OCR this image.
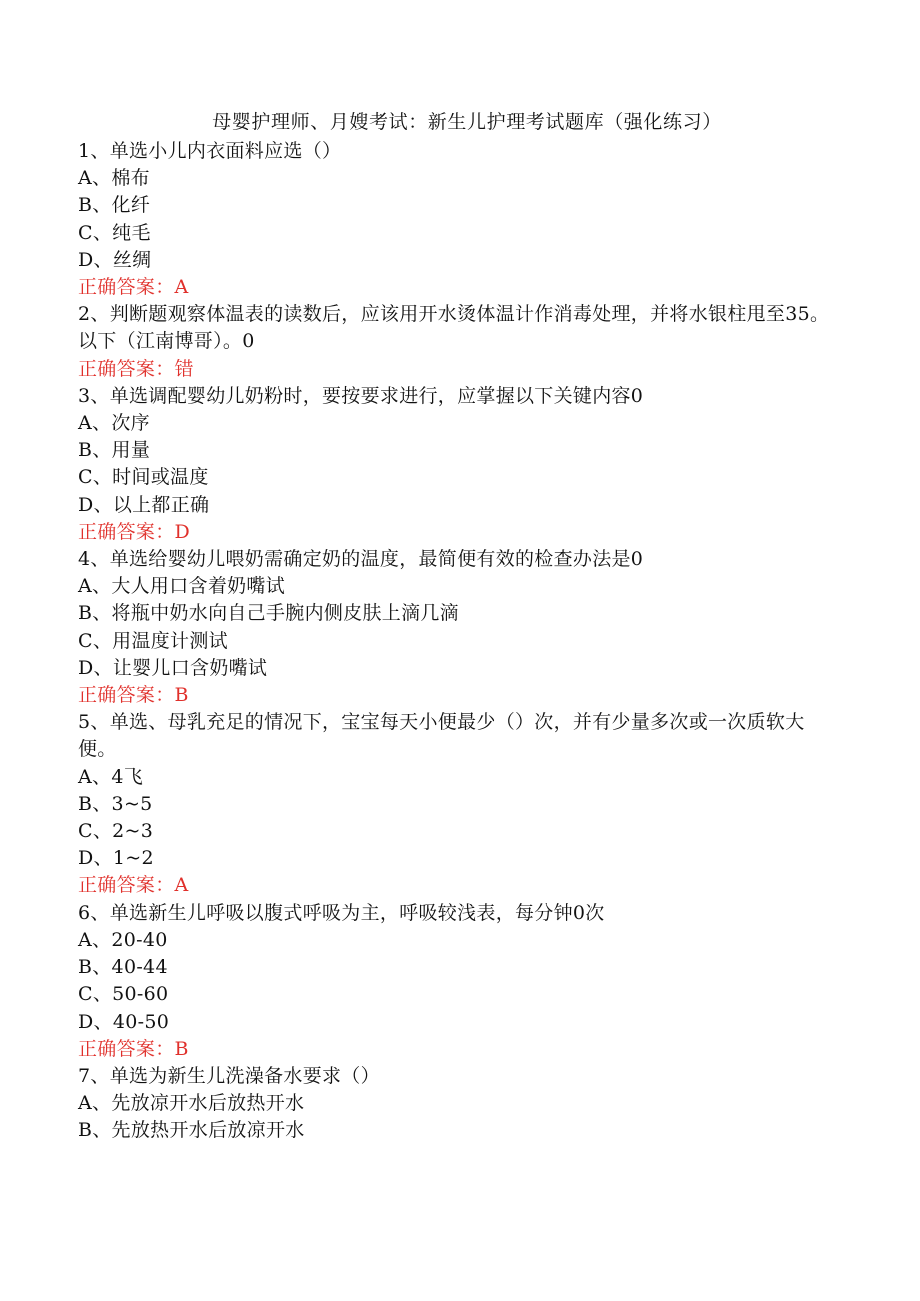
母婴护理师、月嫂考试：新生儿护理考试题库（强化练习）
1、单选小儿内衣面料应选（）
A、棉布
B、化纤
C、纯毛
D、丝绸
正确答案：A
2、判断题观察体温表的读数后，应该用开水烫体温计作消毒处理，并将水银柱甩至35。以下（江南博哥）。0
正确答案：错
3、单选调配婴幼儿奶粉时，要按要求进行，应掌握以下关键内容0
A、次序
B、用量
C、时间或温度
D、以上都正确
正确答案：D
4、单选给婴幼儿喂奶需确定奶的温度，最简便有效的检查办法是0
A、大人用口含着奶嘴试
B、将瓶中奶水向自己手腕内侧皮肤上滴几滴
C、用温度计测试
D、让婴儿口含奶嘴试
正确答案：B
5、单选、母乳充足的情况下，宝宝每天小便最少（）次，并有少量多次或一次质软大便。
A、4飞
B、3~5
C、2~3
D、1~2
正确答案：A
6、单选新生儿呼吸以腹式呼吸为主，呼吸较浅表，每分钟0次
A、20-40
B、40-44
C、50-60
D、40-50
正确答案：B
7、单选为新生儿洗澡备水要求（）
A、先放凉开水后放热开水
B、先放热开水后放凉开水
